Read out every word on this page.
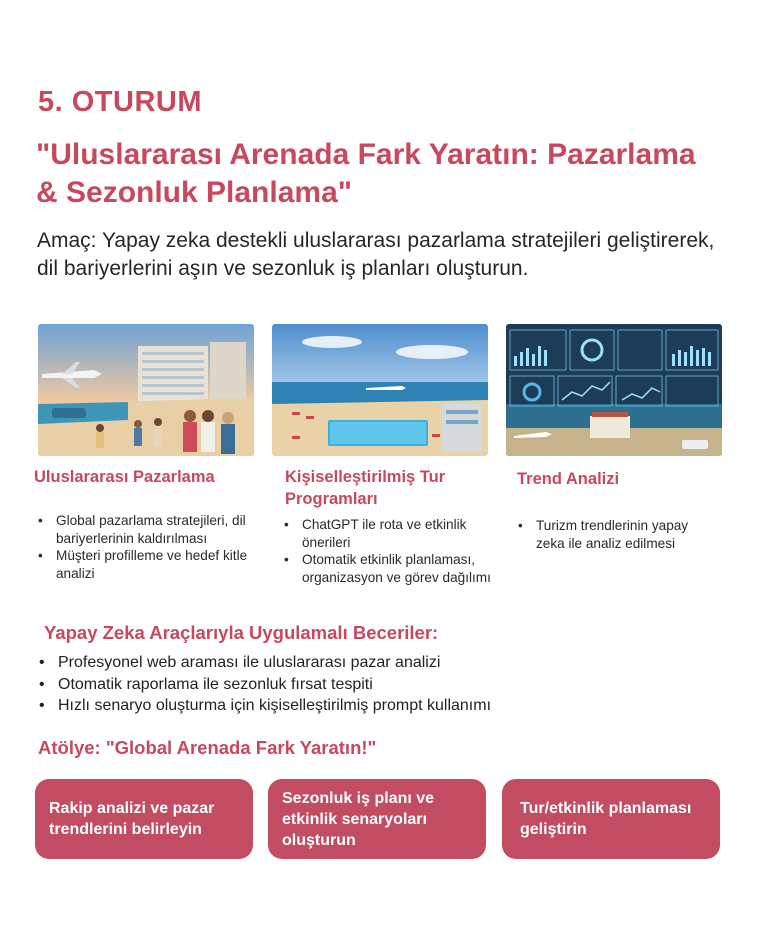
5. OTURUM
"Uluslararası Arenada Fark Yaratın: Pazarlama & Sezonluk Planlama"
Amaç: Yapay zeka destekli uluslararası pazarlama stratejileri geliştirerek, dil bariyerlerini aşın ve sezonluk iş planları oluşturun.
Uluslararası Pazarlama	Kişiselleştirilmiş Tur Programları
Trend Analizi
• Global pazarlama stratejileri, dil bariyerlerinin kaldırılması
• Müşteri profilleme ve hedef kitle analizi
• ChatGPT ile rota ve etkinlik önerileri
• Otomatik etkinlik planlaması, organizasyon ve görev dağılımı
• Turizm trendlerinin yapay zeka ile analiz edilmesi
Yapay Zeka Araçlarıyla Uygulamalı Beceriler:
• Profesyonel web araması ile uluslararası pazar analizi
• Otomatik raporlama ile sezonluk fırsat tespiti
• Hızlı senaryo oluşturma için kişiselleştirilmiş prompt kullanımı
Atölye: "Global Arenada Fark Yaratın!"
Rakip analizi ve pazar trendlerini belirleyin
Sezonluk iş planı ve etkinlik senaryoları oluşturun
Tur/etkinlik planlaması geliştirin
